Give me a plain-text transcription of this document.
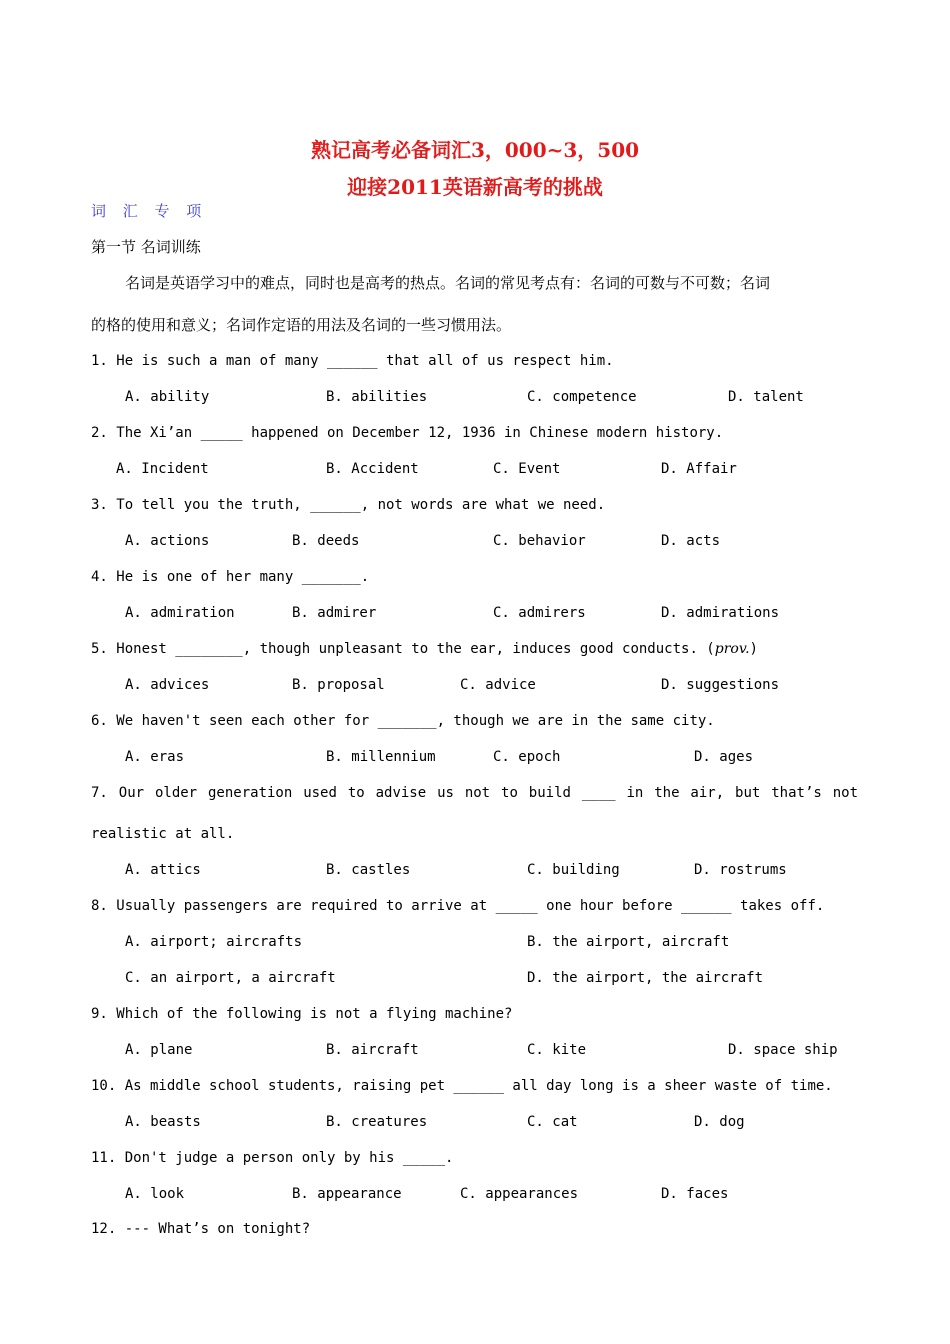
熟记高考必备词汇3，000~3，500
迎接2011英语新高考的挑战
词 汇 专 项
第一节 名词训练
名词是英语学习中的难点，同时也是高考的热点。名词的常见考点有：名词的可数与不可数；名词
的格的使用和意义；名词作定语的用法及名词的一些习惯用法。
1. He is such a man of many ______ that all of us respect him.
A. ability	B. abilities	C. competence	D. talent
2. The Xi’an _____ happened on December 12, 1936 in Chinese modern history.
A. Incident	B. Accident	C. Event	D. Affair
3. To tell you the truth, ______, not words are what we need.
A. actions	B. deeds	C. behavior	D. acts
4. He is one of her many _______.
A. admiration	B. admirer	C. admirers	D. admirations
5. Honest ________, though unpleasant to the ear, induces good conducts. (prov.)
A. advices	B. proposal	C. advice	D. suggestions
6. We haven't seen each other for _______, though we are in the same city.
A. eras	B. millennium	C. epoch	D. ages
7. Our older generation used to advise us not to build ____ in the air, but that’s not
realistic at all.
A. attics	B. castles	C. building	D. rostrums
8. Usually passengers are required to arrive at _____ one hour before ______ takes off.
A. airport; aircrafts	B. the airport, aircraft
C. an airport, a aircraft	D. the airport, the aircraft
9. Which of the following is not a flying machine?
A. plane	B. aircraft	C. kite	D. space ship
10. As middle school students, raising pet ______ all day long is a sheer waste of time.
A. beasts	B. creatures	C. cat	D. dog
11. Don't judge a person only by his _____.
A. look	B. appearance	C. appearances	D. faces
12. --- What’s on tonight?
